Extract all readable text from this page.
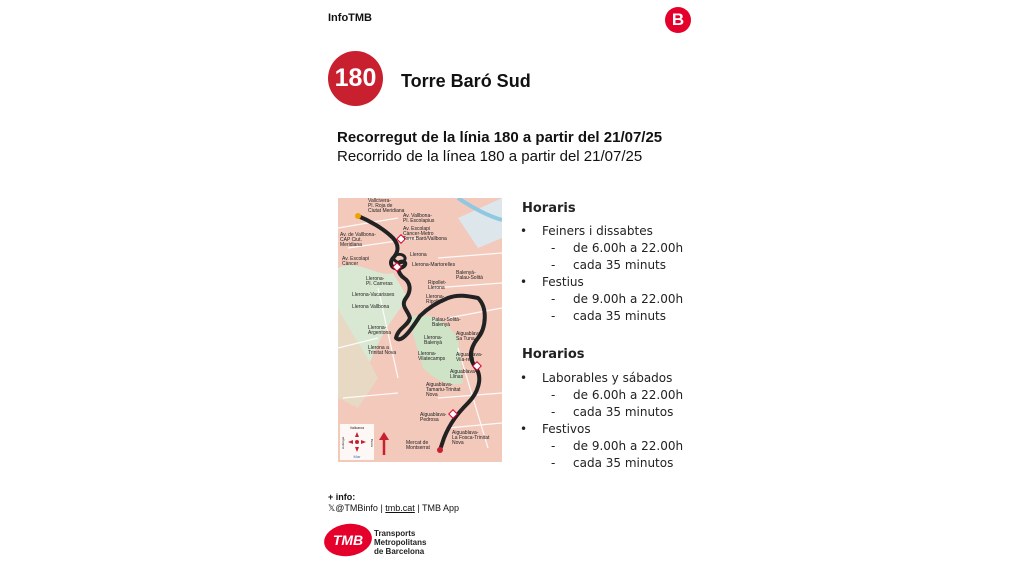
InfoTMB	B
180	Torre Baró Sud
Recorregut de la línia 180 a partir del 21/07/25
Recorrido de la línea 180 a partir del 21/07/25
Vallcivera-
Pl. Roja de
Ciutat Meridiana
Av. Vallbona-
Pl. Escolapius
Av. Escolapi
Càncer-Metro
Torre Baró/Vallbona
Av. de Vallbona-
CAP Ciut.
Meridiana
Av. Escolapi
Càncer
Llerona
Llerona-Martorelles
Llerona-
Pl. Carreras
Llerona-Vacarisses
Llerona Vallbona
Ripollet-
Llerona
Llerona-
Ripollet
Balenyà-
Palau-Solità
Palau-Solità-
Balenyà
Llerona-
Argentona
Llerona-
Balenyà
Aiguablava-
Sa Tuna
Llerona a
Trinitat Nova	Llerona-
Vilatecamps
Aiguablava-
Vila-real
Aiguablava-
Llinas
Aiguablava-
Tamariu-Trinitat
Nova
Aiguablava-
Pedrosa
Aiguablava-
La Fosca-Trinitat
Nova
Mercat de
Montserrat
Vallcarca
Mar
Llobregat	Besòs
Horaris
• Feiners i dissabtes
- de 6.00h a 22.00h
- cada 35 minuts
• Festius
- de 9.00h a 22.00h
- cada 35 minuts
Horarios
• Laborables y sábados
- de 6.00h a 22.00h
- cada 35 minutos
• Festivos
- de 9.00h a 22.00h
- cada 35 minutos
+ info:
𝕏@TMBinfo | tmb.cat | TMB App
TMB Transports
Metropolitans
de Barcelona
